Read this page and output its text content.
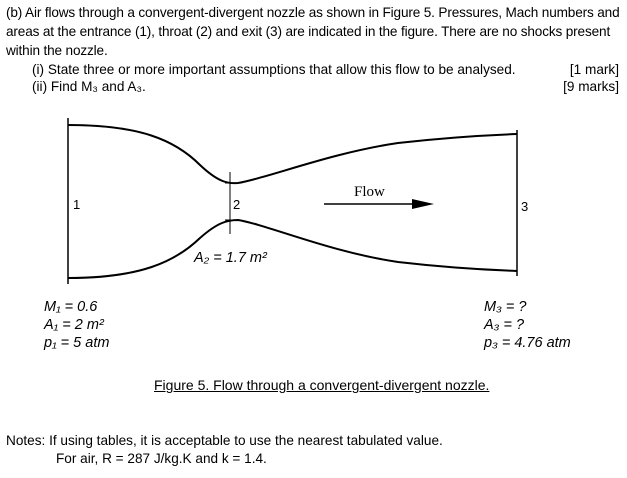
(b) Air flows through a convergent-divergent nozzle as shown in Figure 5. Pressures, Mach numbers and areas at the entrance (1), throat (2) and exit (3) are indicated in the figure. There are no shocks present within the nozzle.
(i) State three or more important assumptions that allow this flow to be analysed.	[1 mark]
(ii) Find M₃ and A₃.	[9 marks]
Flow
1	2	3
A₂ = 1.7 m²
M₁ = 0.6
A₁ = 2 m²
p₁ = 5 atm
M₃ = ?
A₃ = ?
p₃ = 4.76 atm
Figure 5. Flow through a convergent-divergent nozzle.
Notes: If using tables, it is acceptable to use the nearest tabulated value.
For air, R = 287 J/kg.K and k = 1.4.
